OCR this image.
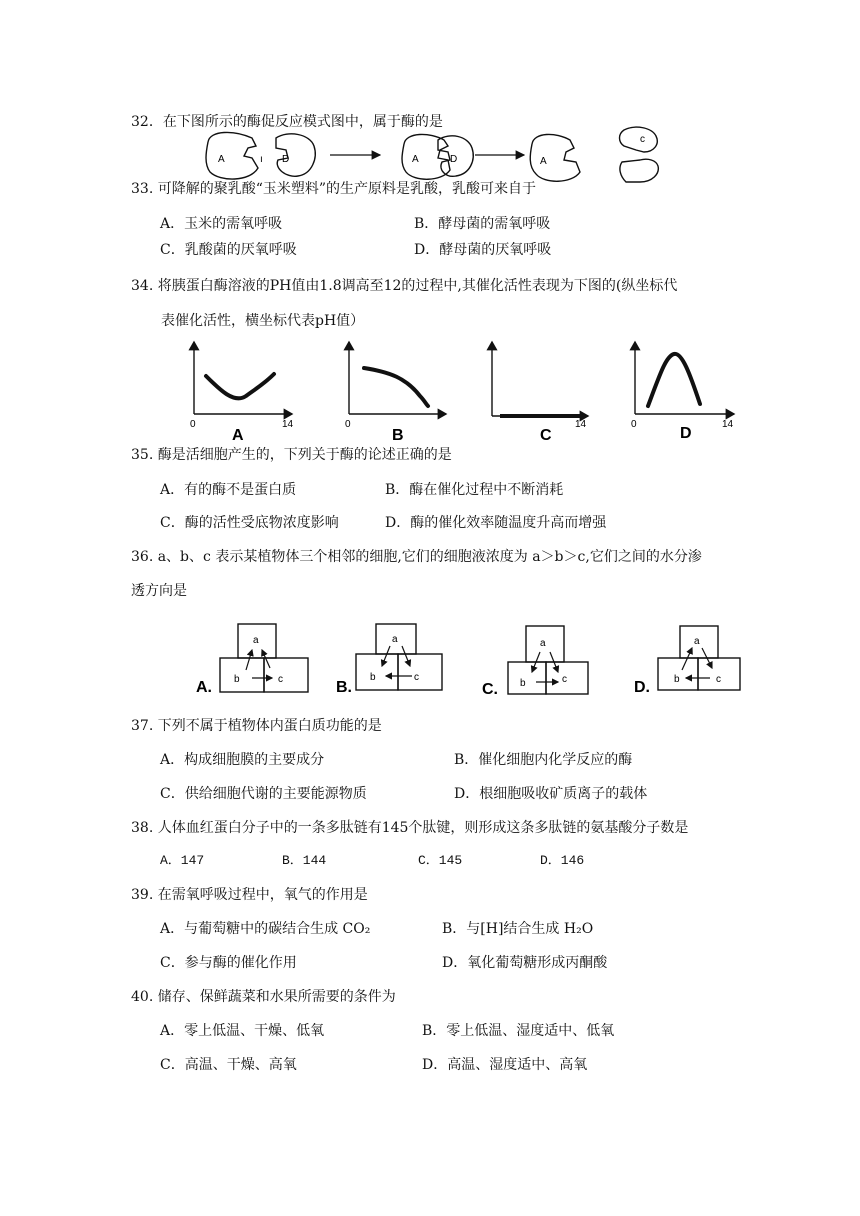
32．在下图所示的酶促反应模式图中，属于酶的是
A	ı D	A	D	A
c
33. 可降解的聚乳酸“玉米塑料”的生产原料是乳酸，乳酸可来自于
A．玉米的需氧呼吸	B．酵母菌的需氧呼吸
C．乳酸菌的厌氧呼吸	D．酵母菌的厌氧呼吸
34. 将胰蛋白酶溶液的PH值由1.8调高至12的过程中,其催化活性表现为下图的(纵坐标代
表催化活性，横坐标代表pH值）
0	14
A
0
B
14
C
0	14
D
35. 酶是活细胞产生的，下列关于酶的论述正确的是
A．有的酶不是蛋白质	B．酶在催化过程中不断消耗
C．酶的活性受底物浓度影响	D．酶的催化效率随温度升高而增强
36. a、b、c 表示某植物体三个相邻的细胞,它们的细胞液浓度为 a＞b＞c,它们之间的水分渗
透方向是
a
b	c
A.
a
b	c
B.
a
b	c
C.
a
b	c
D.
37. 下列不属于植物体内蛋白质功能的是
A．构成细胞膜的主要成分	B．催化细胞内化学反应的酶
C．供给细胞代谢的主要能源物质	D．根细胞吸收矿质离子的载体
38. 人体血红蛋白分子中的一条多肽链有145个肽键，则形成这条多肽链的氨基酸分子数是
A．147	B．144	C．145	D．146
39. 在需氧呼吸过程中，氧气的作用是
A．与葡萄糖中的碳结合生成 CO₂	B．与[H]结合生成 H₂O
C．参与酶的催化作用	D．氧化葡萄糖形成丙酮酸
40. 储存、保鲜蔬菜和水果所需要的条件为
A．零上低温、干燥、低氧	B．零上低温、湿度适中、低氧
C．高温、干燥、高氧	D．高温、湿度适中、高氧
